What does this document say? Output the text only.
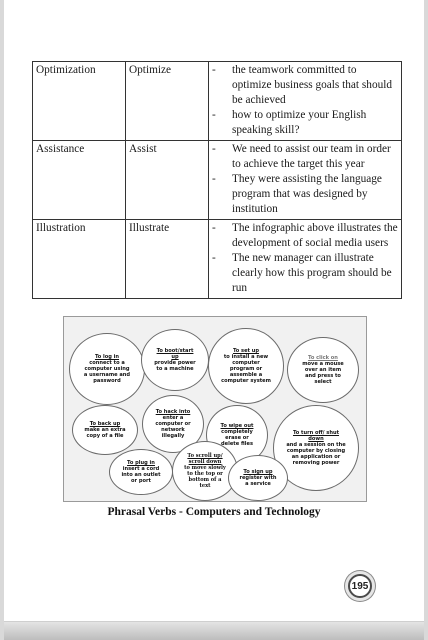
Optimization	Optimize	- the teamwork committed to optimize business goals that should be achieved
- how to optimize your English speaking skill?

Assistance	Assist	- We need to assist our team in order to achieve the target this year
- They were assisting the language program that was designed by institution

Illustration	Illustrate	- The infographic above illustrates the development of social media users
- The new manager can illustrate clearly how this program should be run
To log in
connect to a
computer using
a username and
password
To boot/start
up
provide power
to a machine
To set up
to install a new
computer
program or
assemble a
computer system
To click on
move a mouse
over an item
and press to
select
To back up
make an extra
copy of a file
To hack into
enter a
computer or
network
illegally
To wipe out
completely
erase or
delete files
To turn off/ shut
down
and a session on the
computer by closing
an application or
removing power
To plug in
insert a cord
into an outlet
or port
To scroll up/
scroll down
to move slowly
to the top or
bottom of a
text
To sign up
register with
a service
Phrasal Verbs - Computers and Technology
195
